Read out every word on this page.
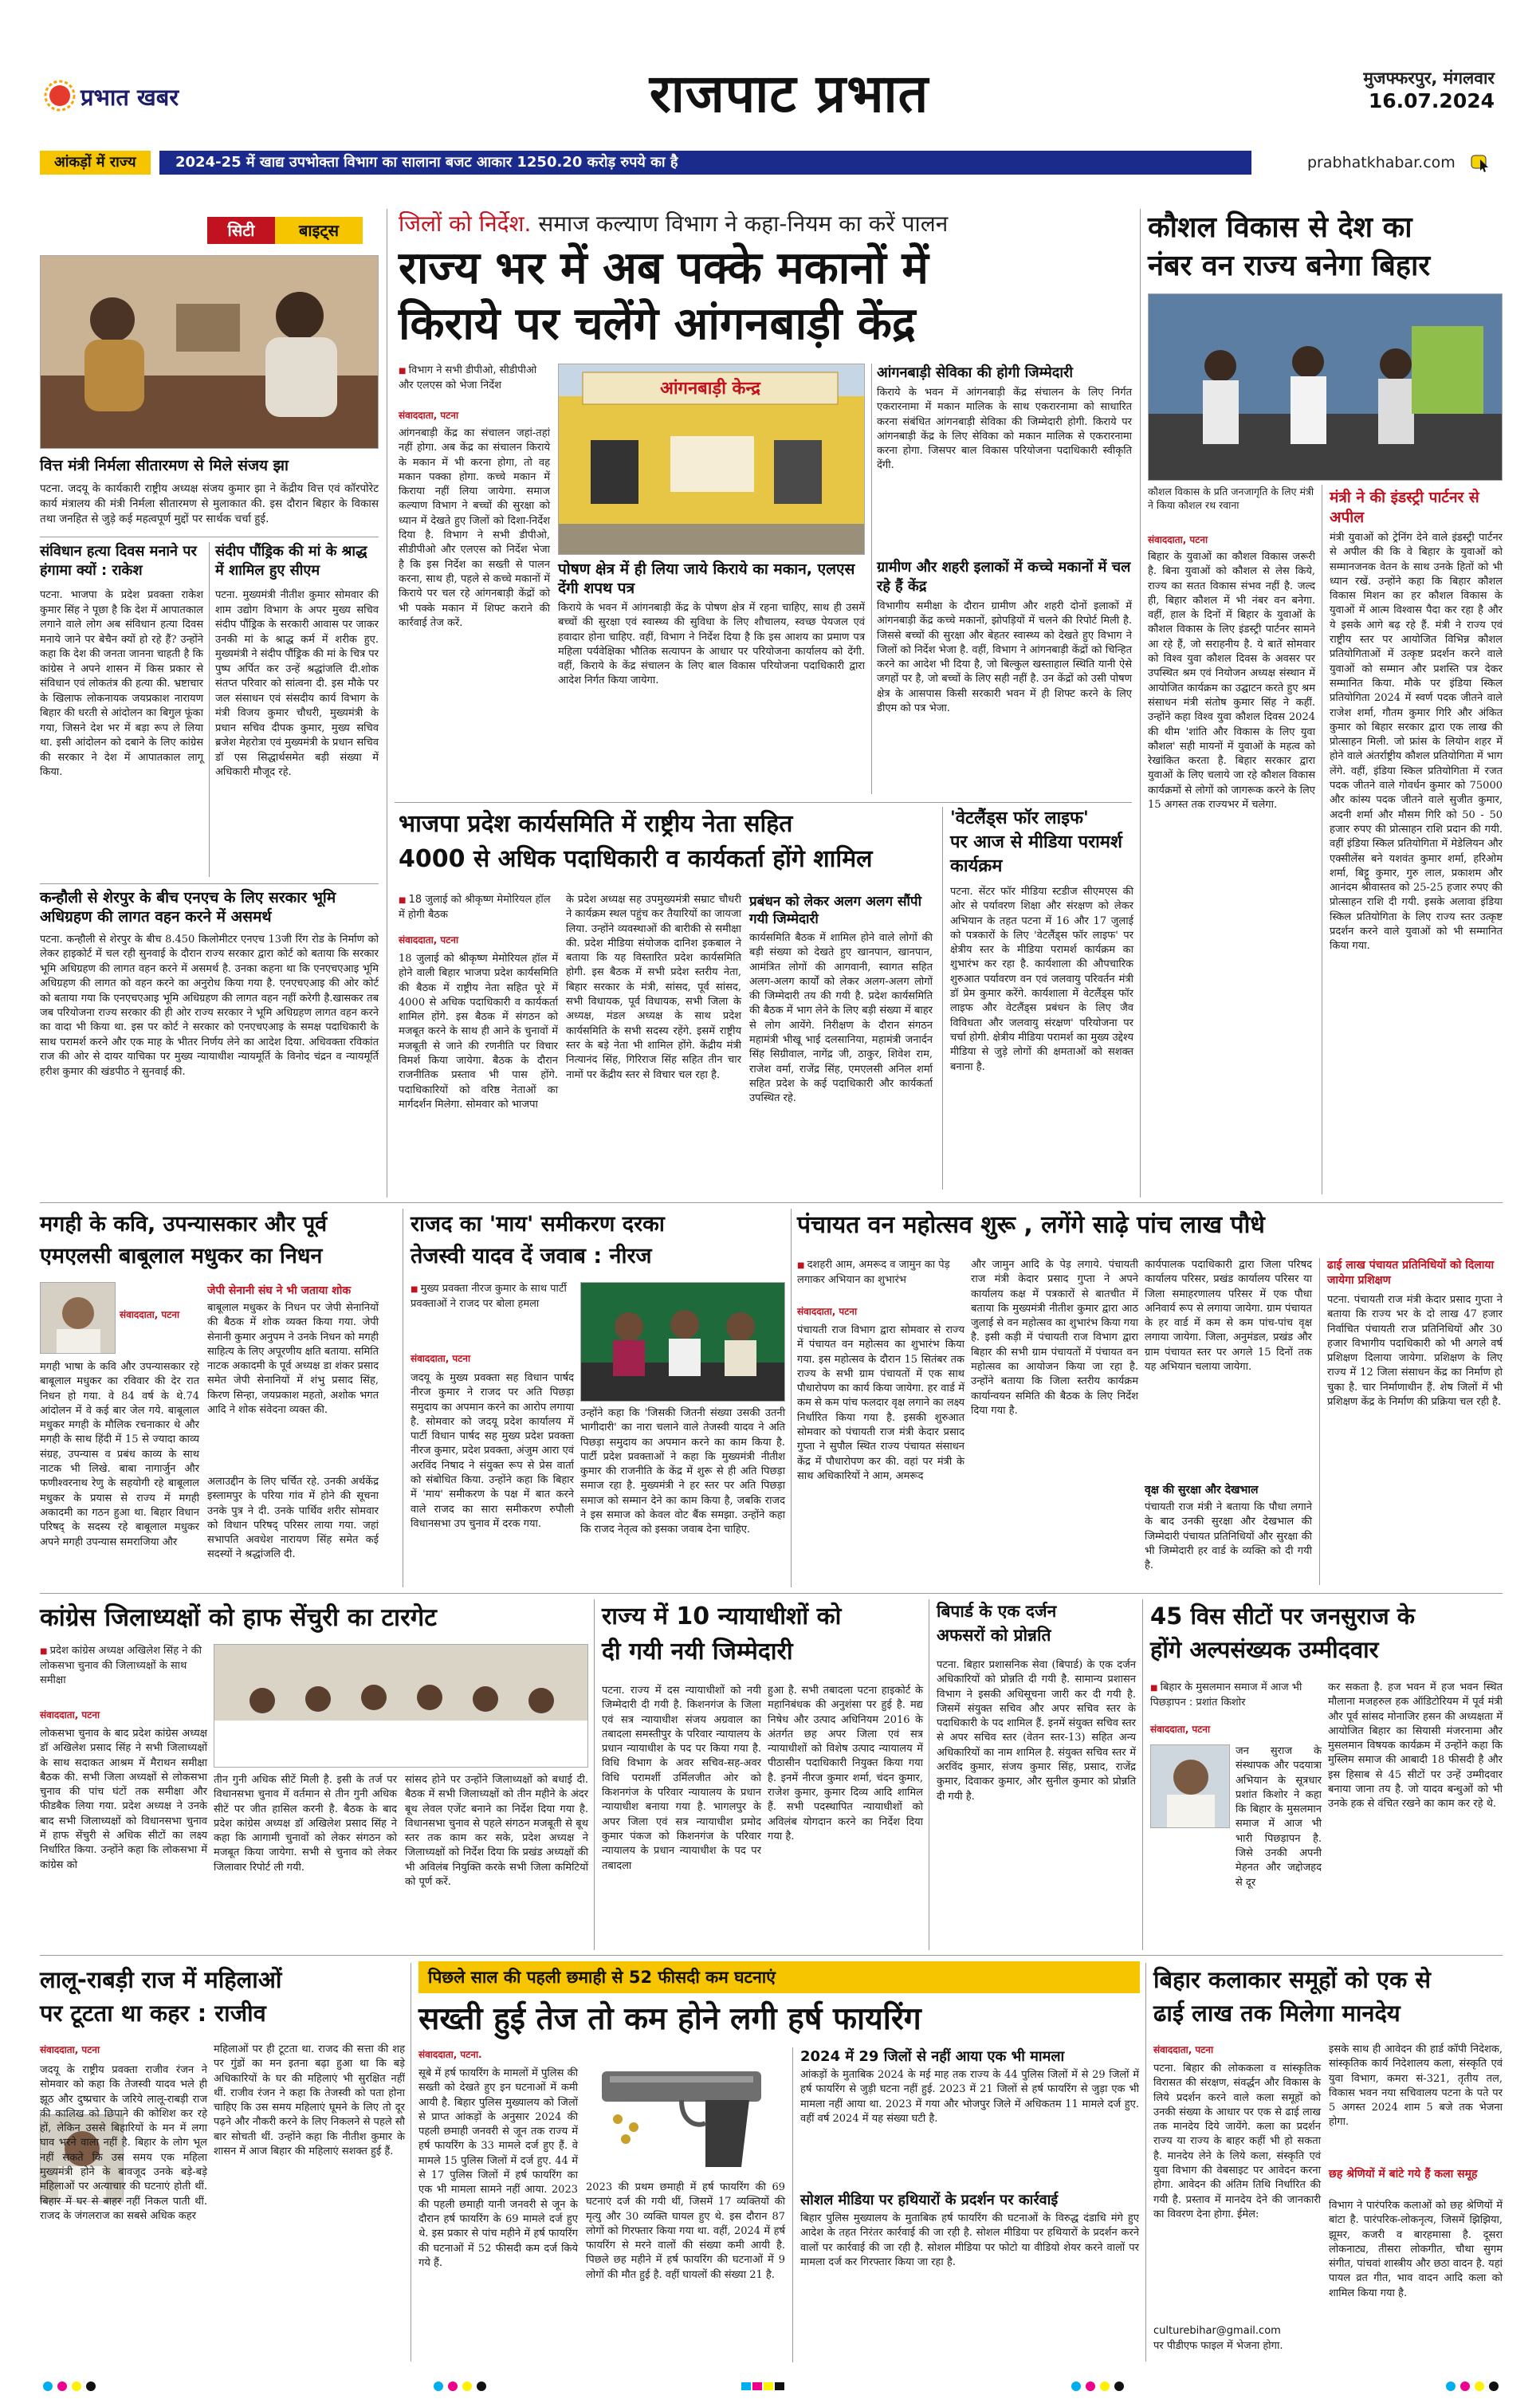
प्रभात खबर	राजपाट प्रभात	मुजफ्फरपुर, मंगलवार
16.07.2024
आंकड़ों में राज्य	2024-25 में खाद्य उपभोक्ता विभाग का सालाना बजट आकार 1250.20 करोड़ रुपये का है	prabhatkhabar.com
सिटी	बाइट्स
वित्त मंत्री निर्मला सीतारमण से मिले संजय झा
पटना. जदयू के कार्यकारी राष्ट्रीय अध्यक्ष संजय कुमार झा ने केंद्रीय वित्त एवं कॉरपोरेट कार्य मंत्रालय की मंत्री निर्मला सीतारमण से मुलाकात की. इस दौरान बिहार के विकास तथा जनहित से जुड़े कई महत्वपूर्ण मुद्दों पर सार्थक चर्चा हुई.
संविधान हत्या दिवस मनाने पर हंगामा क्यों : राकेश
पटना. भाजपा के प्रदेश प्रवक्ता राकेश कुमार सिंह ने पूछा है कि देश में आपातकाल लगाने वाले लोग अब संविधान हत्या दिवस मनाये जाने पर बेचैन क्यों हो रहे हैं? उन्होंने कहा कि देश की जनता जानना चाहती है कि कांग्रेस ने अपने शासन में किस प्रकार से संविधान एवं लोकतंत्र की हत्या की. भ्रष्टाचार के खिलाफ लोकनायक जयप्रकाश नारायण बिहार की धरती से आंदोलन का बिगुल फूंका गया, जिसने देश भर में बड़ा रूप ले लिया था. इसी आंदोलन को दबाने के लिए कांग्रेस की सरकार ने देश में आपातकाल लागू किया.
संदीप पौंड्रिक की मां के श्राद्ध में शामिल हुए सीएम
पटना. मुख्यमंत्री नीतीश कुमार सोमवार की शाम उद्योग विभाग के अपर मुख्य सचिव संदीप पौंड्रिक के सरकारी आवास पर जाकर उनकी मां के श्राद्ध कर्म में शरीक हुए. मुख्यमंत्री ने संदीप पौंड्रिक की मां के चित्र पर पुष्प अर्पित कर उन्हें श्रद्धांजलि दी.शोक संतप्त परिवार को सांत्वना दी. इस मौके पर जल संसाधन एवं संसदीय कार्य विभाग के मंत्री विजय कुमार चौधरी, मुख्यमंत्री के प्रधान सचिव दीपक कुमार, मुख्य सचिव ब्रजेश मेहरोत्रा एवं मुख्यमंत्री के प्रधान सचिव डॉ एस सिद्धार्थसमेत बड़ी संख्या में अधिकारी मौजूद रहे.
कन्हौली से शेरपुर के बीच एनएच के लिए सरकार भूमि अधिग्रहण की लागत वहन करने में असमर्थ
पटना. कन्हौली से शेरपुर के बीच 8.450 किलोमीटर एनएच 13जी रिंग रोड के निर्माण को लेकर हाइकोर्ट में चल रही सुनवाई के दौरान राज्य सरकार द्वारा कोर्ट को बताया कि सरकार भूमि अधिग्रहण की लागत वहन करने में असमर्थ है. उनका कहना था कि एनएचएआइ भूमि अधिग्रहण की लागत को वहन करने का अनुरोध किया गया है. एनएचएआइ की ओर कोर्ट को बताया गया कि एनएचएआइ भूमि अधिग्रहण की लागत वहन नहीं करेगी है.खासकर तब जब परियोजना राज्य सरकार की ही ओर राज्य सरकार ने भूमि अधिग्रहण लागत वहन करने का वादा भी किया था. इस पर कोर्ट ने सरकार को एनएचएआइ के समक्ष पदाधिकारी के साथ परामर्श करने और एक माह के भीतर निर्णय लेने का आदेश दिया. अधिवक्ता रविकांत राज की ओर से दायर याचिका पर मुख्य न्यायाधीश न्यायमूर्ति के विनोद चंद्रन व न्यायमूर्ति हरीश कुमार की खंडपीठ ने सुनवाई की.
जिलों को निर्देश. समाज कल्याण विभाग ने कहा-नियम का करें पालन
राज्य भर में अब पक्के मकानों में
किराये पर चलेंगे आंगनबाड़ी केंद्र
■ विभाग ने सभी डीपीओ, सीडीपीओ और एलएस को भेजा निर्देश
संवाददाता, पटना
आंगनबाड़ी केंद्र का संचालन जहां-तहां नहीं होगा. अब केंद्र का संचालन किराये के मकान में भी करना होगा, तो वह मकान पक्का होगा. कच्चे मकान में किराया नहीं लिया जायेगा. समाज कल्याण विभाग ने बच्चों की सुरक्षा को ध्यान में देखते हुए जिलों को दिशा-निर्देश दिया है. विभाग ने सभी डीपीओ, सीडीपीओ और एलएस को निर्देश भेजा है कि इस निर्देश का सख्ती से पालन करना, साथ ही, पहले से कच्चे मकानों में किराये पर चल रहे आंगनबाड़ी केंद्रों को भी पक्के मकान में शिफ्ट कराने की कार्रवाई तेज करें.
आंगनबाड़ी केन्द्र
पोषण क्षेत्र में ही लिया जाये किराये का मकान, एलएस देंगी शपथ पत्र
किराये के भवन में आंगनबाड़ी केंद्र के पोषण क्षेत्र में रहना चाहिए, साथ ही उसमें बच्चों की सुरक्षा एवं स्वास्थ्य की सुविधा के लिए शौचालय, स्वच्छ पेयजल एवं हवादार होना चाहिए. वहीं, विभाग ने निर्देश दिया है कि इस आशय का प्रमाण पत्र महिला पर्यवेक्षिका भौतिक सत्यापन के आधार पर परियोजना कार्यालय को देंगी. वहीं, किराये के केंद्र संचालन के लिए बाल विकास परियोजना पदाधिकारी द्वारा आदेश निर्गत किया जायेगा.
आंगनबाड़ी सेविका की होगी जिम्मेदारी
किराये के भवन में आंगनबाड़ी केंद्र संचालन के लिए निर्गत एकरारनामा में मकान मालिक के साथ एकरारनामा को साधारित करना संबंधित आंगनबाड़ी सेविका की जिम्मेदारी होगी. किराये पर आंगनबाड़ी केंद्र के लिए सेविका को मकान मालिक से एकरारनामा करना होगा. जिसपर बाल विकास परियोजना पदाधिकारी स्वीकृति देंगी.
ग्रामीण और शहरी इलाकों में कच्चे मकानों में चल रहे हैं केंद्र
विभागीय समीक्षा के दौरान ग्रामीण और शहरी दोनों इलाकों में आंगनबाड़ी केंद्र कच्चे मकानों, झोपड़ियों में चलने की रिपोर्ट मिली है. जिससे बच्चों की सुरक्षा और बेहतर स्वास्थ्य को देखते हुए विभाग ने जिलों को निर्देश भेजा है. वहीं, विभाग ने आंगनबाड़ी केंद्रों को चिन्हित करने का आदेश भी दिया है, जो बिल्कुल खस्ताहाल स्थिति यानी ऐसे जगहों पर है, जो बच्चों के लिए सही नहीं है. उन केंद्रों को उसी पोषण क्षेत्र के आसपास किसी सरकारी भवन में ही शिफ्ट करने के लिए डीएम को पत्र भेजा.
कौशल विकास से देश का
नंबर वन राज्य बनेगा बिहार
कौशल विकास के प्रति जनजागृति के लिए मंत्री ने किया कौशल रथ रवाना
संवाददाता, पटना
बिहार के युवाओं का कौशल विकास जरूरी है. बिना युवाओं को कौशल से लेस किये, राज्य का सतत विकास संभव नहीं है. जल्द ही, बिहार कौशल में भी नंबर वन बनेगा. वहीं, हाल के दिनों में बिहार के युवाओं के कौशल विकास के लिए इंडस्ट्री पार्टनर सामने आ रहे हैं, जो सराहनीय है. ये बातें सोमवार को विश्व युवा कौशल दिवस के अवसर पर उपस्थित श्रम एवं नियोजन अध्यक्ष संस्थान में आयोजित कार्यक्रम का उद्घाटन करते हुए श्रम संसाधन मंत्री संतोष कुमार सिंह ने कहीं. उन्होंने कहा विश्व युवा कौशल दिवस 2024 की थीम 'शांति और विकास के लिए युवा कौशल' सही मायनों में युवाओं के महत्व को रेखांकित करता है. बिहार सरकार द्वारा युवाओं के लिए चलाये जा रहे कौशल विकास कार्यक्रमों से लोगों को जागरूक करने के लिए 15 अगस्त तक राज्यभर में चलेगा.
मंत्री ने की इंडस्ट्री पार्टनर से अपील
मंत्री युवाओं को ट्रेनिंग देने वाले इंडस्ट्री पार्टनर से अपील की कि वे बिहार के युवाओं को सम्मानजनक वेतन के साथ उनके हितों को भी ध्यान रखें. उन्होंने कहा कि बिहार कौशल विकास मिशन का हर कौशल विकास के युवाओं में आत्म विश्वास पैदा कर रहा है और ये इसके आगे बढ़ रहे हैं. मंत्री ने राज्य एवं राष्ट्रीय स्तर पर आयोजित विभिन्न कौशल प्रतियोगिताओं में उत्कृष्ट प्रदर्शन करने वाले युवाओं को सम्मान और प्रशस्ति पत्र देकर सम्मानित किया. मौके पर इंडिया स्किल प्रतियोगिता 2024 में स्वर्ण पदक जीतने वाले राजेश शर्मा, गौतम कुमार गिरि और अंकित कुमार को बिहार सरकार द्वारा एक लाख की प्रोत्साहन मिली. जो फ्रांस के लियोन शहर में होने वाले अंतर्राष्ट्रीय कौशल प्रतियोगिता में भाग लेंगे. वहीं, इंडिया स्किल प्रतियोगिता में रजत पदक जीतने वाले गोवर्धन कुमार को 75000 और कांस्य पदक जीतने वाले सुजीत कुमार, अदनी शर्मा और मौसम गिरि को 50 - 50 हजार रुपए की प्रोत्साहन राशि प्रदान की गयी. वहीं इंडिया स्किल प्रतियोगिता में मेडेलियन और एक्सीलेंस बने यशवंत कुमार शर्मा, हरिओम शर्मा, बिट्टू कुमार, गुरु लाल, प्रकाशम और आनंदम श्रीवास्तव को 25-25 हजार रुपए की प्रोत्साहन राशि दी गयी. इसके अलावा इंडिया स्किल प्रतियोगिता के लिए राज्य स्तर उत्कृष्ट प्रदर्शन करने वाले युवाओं को भी सम्मानित किया गया.
भाजपा प्रदेश कार्यसमिति में राष्ट्रीय नेता सहित
4000 से अधिक पदाधिकारी व कार्यकर्ता होंगे शामिल
■ 18 जुलाई को श्रीकृष्ण मेमोरियल हॉल में होगी बैठक
संवाददाता, पटना
18 जुलाई को श्रीकृष्ण मेमोरियल हॉल में होने वाली बिहार भाजपा प्रदेश कार्यसमिति की बैठक में राष्ट्रीय नेता सहित पूरे में 4000 से अधिक पदाधिकारी व कार्यकर्ता शामिल होंगे. इस बैठक में संगठन को मजबूत करने के साथ ही आने के चुनावों में मजबूती से जाने की रणनीति पर विचार विमर्श किया जायेगा. बैठक के दौरान राजनीतिक प्रस्ताव भी पास होंगे. पदाधिकारियों को वरिष्ठ नेताओं का मार्गदर्शन मिलेगा. सोमवार को भाजपा
के प्रदेश अध्यक्ष सह उपमुख्यमंत्री सम्राट चौधरी ने कार्यक्रम स्थल पहुंच कर तैयारियों का जायजा लिया. उन्होंने व्यवस्थाओं की बारीकी से समीक्षा की. प्रदेश मीडिया संयोजक दानिश इकबाल ने बताया कि यह विस्तारित प्रदेश कार्यसमिति होगी. इस बैठक में सभी प्रदेश स्तरीय नेता, बिहार सरकार के मंत्री, सांसद, पूर्व सांसद, सभी विधायक, पूर्व विधायक, सभी जिला के अध्यक्ष, मंडल अध्यक्ष के साथ प्रदेश कार्यसमिति के सभी सदस्य रहेंगे. इसमें राष्ट्रीय स्तर के बड़े नेता भी शामिल होंगे. केंद्रीय मंत्री नित्यानंद सिंह, गिरिराज सिंह सहित तीन चार नामों पर केंद्रीय स्तर से विचार चल रहा है.
प्रबंधन को लेकर अलग अलग सौंपी गयी जिम्मेदारी
कार्यसमिति बैठक में शामिल होने वाले लोगों की बड़ी संख्या को देखते हुए खानपान, खानपान, आमंत्रित लोगों की आगवानी, स्वागत सहित अलग-अलग कार्यों को लेकर अलग-अलग लोगों की जिम्मेदारी तय की गयी है. प्रदेश कार्यसमिति की बैठक में भाग लेने के लिए बड़ी संख्या में बाहर से लोग आयेंगे. निरीक्षण के दौरान संगठन महामंत्री भीखू भाई दलसानिया, महामंत्री जनार्दन सिंह सिग्रीवाल, नागेंद्र जी, ठाकुर, शिवेश राम, राजेश वर्मा, राजेंद्र सिंह, एमएलसी अनिल शर्मा सहित प्रदेश के कई पदाधिकारी और कार्यकर्ता उपस्थित रहे.
'वेटलैंड्स फॉर लाइफ'
पर आज से मीडिया परामर्श कार्यक्रम
पटना. सेंटर फॉर मीडिया स्टडीज सीएमएस की ओर से पर्यावरण शिक्षा और संरक्षण को लेकर अभियान के तहत पटना में 16 और 17 जुलाई को पत्रकारों के लिए 'वेटलैंड्स फॉर लाइफ' पर क्षेत्रीय स्तर के मीडिया परामर्श कार्यक्रम का शुभारंभ कर रहा है. कार्यशाला की औपचारिक शुरुआत पर्यावरण वन एवं जलवायु परिवर्तन मंत्री डॉ प्रेम कुमार करेंगे. कार्यशाला में वेटलैंड्स फॉर लाइफ और वेटलैंड्स प्रबंधन के लिए जैव विविधता और जलवायु संरक्षण' परियोजना पर चर्चा होगी. क्षेत्रीय मीडिया परामर्श का मुख्य उद्देश्य मीडिया से जुड़े लोगों की क्षमताओं को सशक्त बनाना है.
मगही के कवि, उपन्यासकार और पूर्व
एमएलसी बाबूलाल मधुकर का निधन
संवाददाता, पटना
मगही भाषा के कवि और उपन्यासकार रहे बाबूलाल मधुकर का रविवार की देर रात निधन हो गया. वे 84 वर्ष के थे.74 आंदोलन में वे कई बार जेल गये. बाबूलाल मधुकर मगही के मौलिक रचनाकार थे और मगही के साथ हिंदी में 15 से ज्यादा काव्य संग्रह, उपन्यास व प्रबंध काव्य के साथ नाटक भी लिखे. बाबा नागार्जुन और फणीश्वरनाथ रेणु के सहयोगी रहे बाबूलाल मधुकर के प्रयास से राज्य में मगही अकादमी का गठन हुआ था. बिहार विधान परिषद् के सदस्य रहे बाबूलाल मधुकर अपने मगही उपन्यास समराजिया और
जेपी सेनानी संघ ने भी जताया शोक
बाबूलाल मधुकर के निधन पर जेपी सेनानियों की बैठक में शोक व्यक्त किया गया. जेपी सेनानी कुमार अनुपम ने उनके निधन को मगही साहित्य के लिए अपूरणीय क्षति बताया. समिति नाटक अकादमी के पूर्व अध्यक्ष डा शंकर प्रसाद समेत जेपी सेनानियों में शंभु प्रसाद सिंह, किरण सिन्हा, जयप्रकाश महतो, अशोक भगत आदि ने शोक संवेदना व्यक्त की.
अलाउद्दीन के लिए चर्चित रहे. उनकी अर्थकेंद्र इस्लामपुर के परिया गांव में होने की सूचना उनके पुत्र ने दी. उनके पार्थिव शरीर सोमवार को विधान परिषद् परिसर लाया गया. जहां सभापति अवधेश नारायण सिंह समेत कई सदस्यों ने श्रद्धांजलि दी.
राजद का 'माय' समीकरण दरका
तेजस्वी यादव दें जवाब : नीरज
■ मुख्य प्रवक्ता नीरज कुमार के साथ पार्टी प्रवक्ताओं ने राजद पर बोला हमला
संवाददाता, पटना
जदयू के मुख्य प्रवक्ता सह विधान पार्षद नीरज कुमार ने राजद पर अति पिछड़ा समुदाय का अपमान करने का आरोप लगाया है. सोमवार को जदयू प्रदेश कार्यालय में पार्टी विधान पार्षद सह मुख्य प्रदेश प्रवक्ता नीरज कुमार, प्रदेश प्रवक्ता, अंजुम आरा एवं अरविंद निषाद ने संयुक्त रूप से प्रेस वार्ता को संबोधित किया. उन्होंने कहा कि बिहार में 'माय' समीकरण के पक्ष में बात करने वाले राजद का सारा समीकरण रुपौली विधानसभा उप चुनाव में दरक गया.
उन्होंने कहा कि 'जिसकी जितनी संख्या उसकी उतनी भागीदारी' का नारा चलाने वाले तेजस्वी यादव ने अति पिछड़ा समुदाय का अपमान करने का काम किया है. पार्टी प्रदेश प्रवक्ताओं ने कहा कि मुख्यमंत्री नीतीश कुमार की राजनीति के केंद्र में शुरू से ही अति पिछड़ा समाज रहा है. मुख्यमंत्री ने हर स्तर पर अति पिछड़ा समाज को सम्मान देने का काम किया है, जबकि राजद ने इस समाज को केवल वोट बैंक समझा. उन्होंने कहा कि राजद नेतृत्व को इसका जवाब देना चाहिए.
पंचायत वन महोत्सव शुरू , लगेंगे साढ़े पांच लाख पौधे
■ दशहरी आम, अमरूद व जामुन का पेड़ लगाकर अभियान का शुभारंभ
संवाददाता, पटना
पंचायती राज विभाग द्वारा सोमवार से राज्य में पंचायत वन महोत्सव का शुभारंभ किया गया. इस महोत्सव के दौरान 15 सितंबर तक राज्य के सभी ग्राम पंचायतों में एक साथ पौधारोपण का कार्य किया जायेगा. हर वार्ड में कम से कम पांच फलदार वृक्ष लगाने का लक्ष्य निर्धारित किया गया है. इसकी शुरुआत सोमवार को पंचायती राज मंत्री केदार प्रसाद गुप्ता ने सुपौल स्थित राज्य पंचायत संसाधन केंद्र में पौधारोपण कर की. वहां पर मंत्री के साथ अधिकारियों ने आम, अमरूद
और जामुन आदि के पेड़ लगाये. पंचायती राज मंत्री केदार प्रसाद गुप्ता ने अपने कार्यालय कक्ष में पत्रकारों से बातचीत में बताया कि मुख्यमंत्री नीतीश कुमार द्वारा आठ जुलाई से वन महोत्सव का शुभारंभ किया गया है. इसी कड़ी में पंचायती राज विभाग द्वारा बिहार की सभी ग्राम पंचायतों में पंचायत वन महोत्सव का आयोजन किया जा रहा है. उन्होंने बताया कि जिला स्तरीय कार्यक्रम कार्यान्वयन समिति की बैठक के लिए निर्देश दिया गया है.
कार्यपालक पदाधिकारी द्वारा जिला परिषद कार्यालय परिसर, प्रखंड कार्यालय परिसर या जिला समाहरणालय परिसर में एक पौधा अनिवार्य रूप से लगाया जायेगा. ग्राम पंचायत के हर वार्ड में कम से कम पांच-पांच वृक्ष लगाया जायेगा. जिला, अनुमंडल, प्रखंड और ग्राम पंचायत स्तर पर अगले 15 दिनों तक यह अभियान चलाया जायेगा.
वृक्ष की सुरक्षा और देखभाल
पंचायती राज मंत्री ने बताया कि पौधा लगाने के बाद उनकी सुरक्षा और देखभाल की जिम्मेदारी पंचायत प्रतिनिधियों और सुरक्षा की भी जिम्मेदारी हर वार्ड के व्यक्ति को दी गयी है.
ढाई लाख पंचायत प्रतिनिधियों को दिलाया जायेगा प्रशिक्षण
पटना. पंचायती राज मंत्री केदार प्रसाद गुप्ता ने बताया कि राज्य भर के दो लाख 47 हजार निर्वाचित पंचायती राज प्रतिनिधियों और 30 हजार विभागीय पदाधिकारी को भी अगले वर्ष प्रशिक्षण दिलाया जायेगा. प्रशिक्षण के लिए राज्य में 12 जिला संसाधन केंद्र का निर्माण हो चुका है. चार निर्माणाधीन हैं. शेष जिलों में भी प्रशिक्षण केंद्र के निर्माण की प्रक्रिया चल रही है.
कांग्रेस जिलाध्यक्षों को हाफ सेंचुरी का टारगेट
■ प्रदेश कांग्रेस अध्यक्ष अखिलेश सिंह ने की लोकसभा चुनाव की जिलाध्यक्षों के साथ समीक्षा
संवाददाता, पटना
लोकसभा चुनाव के बाद प्रदेश कांग्रेस अध्यक्ष डॉ अखिलेश प्रसाद सिंह ने सभी जिलाध्यक्षों के साथ सदाकत आश्रम में मैराथन समीक्षा बैठक की. सभी जिला अध्यक्षों से लोकसभा चुनाव की पांच घंटों तक समीक्षा और फीडबैक लिया गया. प्रदेश अध्यक्ष ने उनके बाद सभी जिलाध्यक्षों को विधानसभा चुनाव में हाफ सेंचुरी से अधिक सीटों का लक्ष्य निर्धारित किया. उन्होंने कहा कि लोकसभा में कांग्रेस को
तीन गुनी अधिक सीटें मिली है. इसी के तर्ज पर विधानसभा चुनाव में वर्तमान से तीन गुनी अधिक सीटें पर जीत हासिल करनी है. बैठक के बाद प्रदेश कांग्रेस अध्यक्ष डॉ अखिलेश प्रसाद सिंह ने कहा कि आगामी चुनावों को लेकर संगठन को मजबूत किया जायेगा. सभी से चुनाव को लेकर जिलावार रिपोर्ट ली गयी.
सांसद होने पर उन्होंने जिलाध्यक्षों को बधाई दी. बैठक में सभी जिलाध्यक्षों को तीन महीने के अंदर बूथ लेवल एजेंट बनाने का निर्देश दिया गया है. विधानसभा चुनाव से पहले संगठन मजबूती से बूथ स्तर तक काम कर सके, प्रदेश अध्यक्ष ने जिलाध्यक्षों को निर्देश दिया कि प्रखंड अध्यक्षों की भी अविलंब नियुक्ति करके सभी जिला कमिटियों को पूर्ण करें.
राज्य में 10 न्यायाधीशों को
दी गयी नयी जिम्मेदारी
पटना. राज्य में दस न्यायाधीशों को नयी जिम्मेदारी दी गयी है. किशनगंज के जिला एवं सत्र न्यायाधीश संजय अग्रवाल का तबादला समस्तीपुर के परिवार न्यायालय के प्रधान न्यायाधीश के पद पर किया गया है. विधि विभाग के अवर सचिव-सह-अवर विधि परामर्शी उर्मिलजीत ओर को किशनगंज के परिवार न्यायालय के प्रधान न्यायाधीश बनाया गया है. भागलपुर के अपर जिला एवं सत्र न्यायाधीश प्रमोद कुमार पंकज को किशनगंज के परिवार न्यायालय के प्रधान न्यायाधीश के पद पर तबादला
हुआ है. सभी तबादला पटना हाइकोर्ट के महानिबंधक की अनुशंसा पर हुई है. मद्य निषेध और उत्पाद अधिनियम 2016 के अंतर्गत छह अपर जिला एवं सत्र न्यायाधीशों को विशेष उत्पाद न्यायालय में पीठासीन पदाधिकारी नियुक्त किया गया है. इनमें नीरज कुमार शर्मा, चंदन कुमार, राजेश कुमार, कुमार दिव्य आदि शामिल हैं. सभी पदस्थापित न्यायाधीशों को अविलंब योगदान करने का निर्देश दिया गया है.
बिपार्ड के एक दर्जन
अफसरों को प्रोन्नति
पटना. बिहार प्रशासनिक सेवा (बिपार्ड) के एक दर्जन अधिकारियों को प्रोन्नति दी गयी है. सामान्य प्रशासन विभाग ने इसकी अधिसूचना जारी कर दी गयी है. जिसमें संयुक्त सचिव और अपर सचिव स्तर के पदाधिकारी के पद शामिल हैं. इनमें संयुक्त सचिव स्तर से अपर सचिव स्तर (वेतन स्तर-13) सहित अन्य अधिकारियों का नाम शामिल है. संयुक्त सचिव स्तर में अरविंद कुमार, संजय कुमार सिंह, प्रसाद, राजेंद्र कुमार, दिवाकर कुमार, और सुनील कुमार को प्रोन्नति दी गयी है.
45 विस सीटों पर जनसुराज के
होंगे अल्पसंख्यक उम्मीदवार
■ बिहार के मुसलमान समाज में आज भी पिछड़ापन : प्रशांत किशोर
संवाददाता, पटना
जन सुराज के संस्थापक और पदयात्रा अभियान के सूत्रधार प्रशांत किशोर ने कहा कि बिहार के मुसलमान समाज में आज भी भारी पिछड़ापन है. जिसे उनकी अपनी मेहनत और जद्दोजहद से दूर
कर सकता है. हज भवन में हज भवन स्थित मौलाना मजहरुल हक ऑडिटोरियम में पूर्व मंत्री और पूर्व सांसद मोनाजिर हसन की अध्यक्षता में आयोजित बिहार का सियासी मंजरनामा और मुसलमान विषयक कार्यक्रम में उन्होंने कहा कि मुस्लिम समाज की आबादी 18 फीसदी है और इस हिसाब से 45 सीटों पर उन्हें उम्मीदवार बनाया जाना तय है. जो यादव बन्धुओं को भी उनके हक से वंचित रखने का काम कर रहे थे.
लालू-राबड़ी राज में महिलाओं
पर टूटता था कहर : राजीव
संवाददाता, पटना
जदयू के राष्ट्रीय प्रवक्ता राजीव रंजन ने सोमवार को कहा कि तेजस्वी यादव भले ही झूठ और दुष्प्रचार के जरिये लालू-राबड़ी राज की कालिख को छिपाने की कोशिश कर रहे हों, लेकिन उससे बिहारियों के मन में लगा घाव भरने वाला नहीं है. बिहार के लोग भूल नहीं सकते कि उस समय एक महिला मुख्यमंत्री होने के बावजूद उनके बड़े-बड़े महिलाओं पर अत्याचार की घटनाएं होती थीं. बिहार में घर से बाहर नहीं निकल पाती थीं. राजद के जंगलराज का सबसे अधिक कहर
महिलाओं पर ही टूटता था. राजद की सत्ता की शह पर गुंडों का मन इतना बढ़ा हुआ था कि बड़े अधिकारियों के घर की महिलाएं भी सुरक्षित नहीं थीं. राजीव रंजन ने कहा कि तेजस्वी को पता होना चाहिए कि उस समय महिलाएं घूमने के लिए तो दूर पढ़ने और नौकरी करने के लिए निकलने से पहले सौ बार सोचती थीं. उन्होंने कहा कि नीतीश कुमार के शासन में आज बिहार की महिलाएं सशक्त हुई हैं.
पिछले साल की पहली छमाही से 52 फीसदी कम घटनाएं
सख्ती हुई तेज तो कम होने लगी हर्ष फायरिंग
संवाददाता, पटना.
सूबे में हर्ष फायरिंग के मामलों में पुलिस की सख्ती को देखते हुए इन घटनाओं में कमी आयी है. बिहार पुलिस मुख्यालय को जिलों से प्राप्त आंकड़ों के अनुसार 2024 की पहली छमाही जनवरी से जून तक राज्य में हर्ष फायरिंग के 33 मामले दर्ज हुए हैं. वे मामले 15 पुलिस जिलों में दर्ज हुए. 44 में से 17 पुलिस जिलों में हर्ष फायरिंग का एक भी मामला सामने नहीं आया. 2023 की पहली छमाही यानी जनवरी से जून के दौरान हर्ष फायरिंग के 69 मामले दर्ज हुए थे. इस प्रकार से पांच महीने में हर्ष फायरिंग की घटनाओं में 52 फीसदी कम दर्ज किये गये हैं.
2023 की प्रथम छमाही में हर्ष फायरिंग की 69 घटनाएं दर्ज की गयी थीं, जिसमें 17 व्यक्तियों की मृत्यु और 30 व्यक्ति घायल हुए थे. इस दौरान 87 लोगों को गिरफ्तार किया गया था. वहीं, 2024 में हर्ष फायरिंग से मरने वालों की संख्या कमी आयी है. पिछले छह महीने में हर्ष फायरिंग की घटनाओं में 9 लोगों की मौत हुई है. वहीं घायलों की संख्या 21 है.
2024 में 29 जिलों से नहीं आया एक भी मामला
आंकड़ों के मुताबिक 2024 के मई माह तक राज्य के 44 पुलिस जिलों में से 29 जिलों में हर्ष फायरिंग से जुड़ी घटना नहीं हुई. 2023 में 21 जिलों से हर्ष फायरिंग से जुड़ा एक भी मामला नहीं आया था. 2023 में गया और भोजपुर जिले में अधिकतम 11 मामले दर्ज हुए. वहीं वर्ष 2024 में यह संख्या घटी है.
सोशल मीडिया पर हथियारों के प्रदर्शन पर कार्रवाई
बिहार पुलिस मुख्यालय के मुताबिक हर्ष फायरिंग की घटनाओं के विरुद्ध दंडाधि मंगे हुए आदेश के तहत निरंतर कार्रवाई की जा रही है. सोशल मीडिया पर हथियारों के प्रदर्शन करने वालों पर कार्रवाई की जा रही है. सोशल मीडिया पर फोटो या वीडियो शेयर करने वालों पर मामला दर्ज कर गिरफ्तार किया जा रहा है.
बिहार कलाकार समूहों को एक से
ढाई लाख तक मिलेगा मानदेय
संवाददाता, पटना
पटना. बिहार की लोककला व सांस्कृतिक विरासत की संरक्षण, संवर्द्धन और विकास के लिये प्रदर्शन करने वाले कला समूहों को उनकी संख्या के आधार पर एक से ढाई लाख तक मानदेय दिये जायेंगे. कला का प्रदर्शन राज्य या राज्य के बाहर कहीं भी हो सकता है. मानदेय लेने के लिये कला, संस्कृति एवं युवा विभाग की वेबसाइट पर आवेदन करना होगा. आवेदन की अंतिम तिथि निर्धारित की गयी है. प्रस्ताव में मानदेय देने की जानकारी का विवरण देना होगा. ईमेल:
culturebihar@gmail.com
पर पीडीएफ फाइल में भेजना होगा.
इसके साथ ही आवेदन की हार्ड कॉपी निदेशक, सांस्कृतिक कार्य निदेशालय कला, संस्कृति एवं युवा विभाग, कमरा सं-321, तृतीय तल, विकास भवन नया सचिवालय पटना के पते पर 5 अगस्त 2024 शाम 5 बजे तक भेजना होगा.
छह श्रेणियों में बांटे गये हैं कला समूह
विभाग ने पारंपरिक कलाओं को छह श्रेणियों में बांटा है. पारंपरिक-लोकनृत्य, जिसमें झिझिया, झूमर, कजरी व बारहमासा है. दूसरा लोकनाट्य, तीसरा लोकगीत, चौथा सुगम संगीत, पांचवां शास्त्रीय और छठा वादन है. यहां पायल व्रत गीत, भाव वादन आदि कला को शामिल किया गया है.
